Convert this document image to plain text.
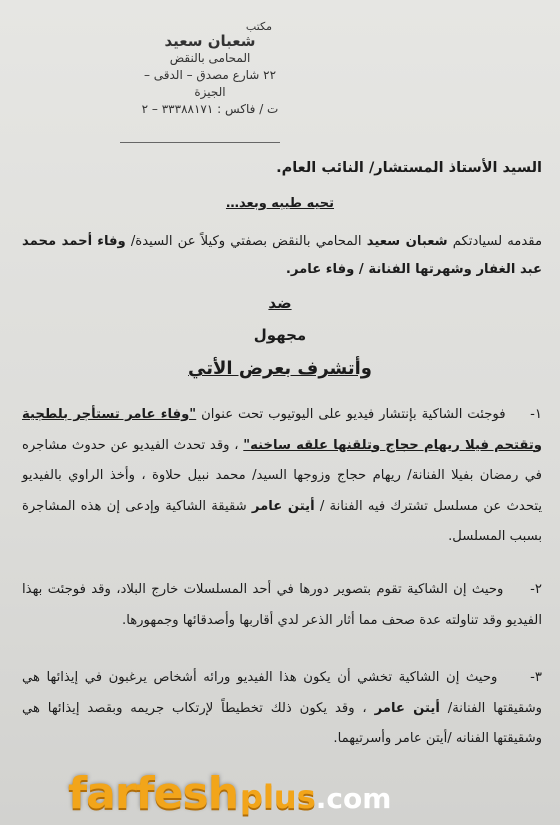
مكتب
شعبان سعيد
المحامى بالنقض
٢٢ شارع مصدق – الدقى – الجيزة
ت / فاكس : ٣٣٣٨٨١٧١ – ٢
السيد الأستاذ المستشار/ النائب العام.
تحيه طيبه وبعد…
مقدمه لسيادتكم شعبان سعيد المحامي بالنقض بصفتي وكيلاً عن السيدة/ وفاء أحمد محمد عبد الغفار وشهرتها الفنانة / وفاء عامر.
ضد
مجهول
وأتشرف بعرض الأتي
١-     فوجئت الشاكية بإنتشار فيديو على اليوتيوب تحت عنوان "وفاء عامر تستأجر بلطجية وتقتحم فيلا ريهام حجاج وتلقنها علقه ساخنه" ، وقد تحدث الفيديو عن حدوث مشاجره في رمضان بفيلا الفنانة/ ريهام حجاج وزوجها السيد/ محمد نبيل حلاوة ، وأخذ الراوي بالفيديو يتحدث عن مسلسل تشترك فيه الفنانة / أيتن عامر شقيقة الشاكية وإدعى إن هذه المشاجرة بسبب المسلسل.
٢-     وحيث إن الشاكية تقوم بتصوير دورها في أحد المسلسلات خارج البلاد، وقد فوجئت بهذا الفيديو وقد تناولته عدة صحف مما أثار الذعر لدي أقاربها وأصدقائها وجمهورها.
٣-     وحيث إن الشاكية تخشي أن يكون هذا الفيديو ورائه أشخاص يرغبون في إيذائها هي وشقيقتها الفنانة/ أيتن عامر ، وقد يكون ذلك تخطيطاً لإرتكاب جريمه وبقصد إيذائها هي وشقيقتها الفنانه /أيتن عامر وأسرتيهما.
farfeshplus.com
